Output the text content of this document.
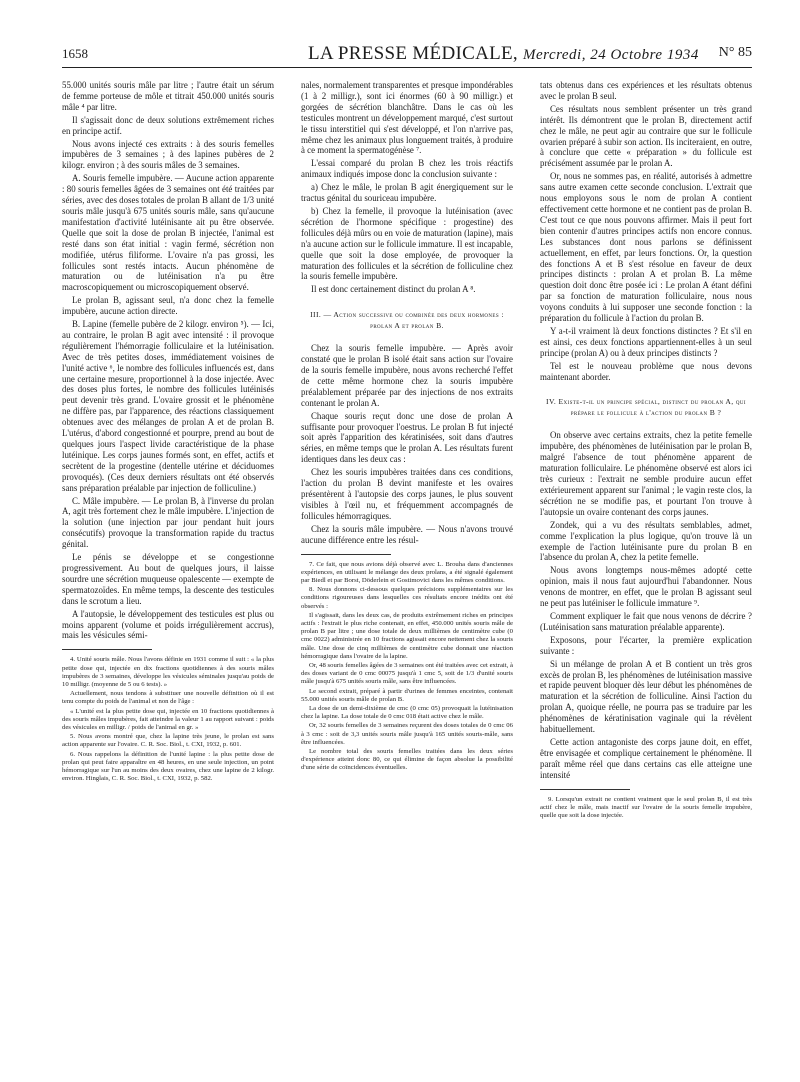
1658	LA PRESSE MÉDICALE, Mercredi, 24 Octobre 1934 N° 85

55.000 unités souris mâle par litre ; l'autre était un sérum de femme porteuse de môle et titrait 450.000 unités souris mâle ⁴ par litre.

Il s'agissait donc de deux solutions extrêmement riches en principe actif.

Nous avons injecté ces extraits : à des souris femelles impubères de 3 semaines ; à des lapines pubères de 2 kilogr. environ ; à des souris mâles de 3 semaines.

A. Souris femelle impubère. — Aucune action apparente : 80 souris femelles âgées de 3 semaines ont été traitées par séries, avec des doses totales de prolan B allant de 1/3 unité souris mâle jusqu'à 675 unités souris mâle, sans qu'aucune manifestation d'activité lutéinisante ait pu être observée. Quelle que soit la dose de prolan B injectée, l'animal est resté dans son état initial : vagin fermé, sécrétion non modifiée, utérus filiforme. L'ovaire n'a pas grossi, les follicules sont restés intacts. Aucun phénomène de maturation ou de lutéinisation n'a pu être macroscopiquement ou microscopiquement observé.

Le prolan B, agissant seul, n'a donc chez la femelle impubère, aucune action directe.

B. Lapine (femelle pubère de 2 kilogr. environ ⁵). — Ici, au contraire, le prolan B agit avec intensité : il provoque régulièrement l'hémorragie folliculaire et la lutéinisation. Avec de très petites doses, immédiatement voisines de l'unité active ⁶, le nombre des follicules influencés est, dans une certaine mesure, proportionnel à la dose injectée. Avec des doses plus fortes, le nombre des follicules lutéinisés peut devenir très grand. L'ovaire grossit et le phénomène ne diffère pas, par l'apparence, des réactions classiquement obtenues avec des mélanges de prolan A et de prolan B. L'utérus, d'abord congestionné et pourpre, prend au bout de quelques jours l'aspect livide caractéristique de la phase lutéinique. Les corps jaunes formés sont, en effet, actifs et secrètent de la progestine (dentelle utérine et déciduomes provoqués). (Ces deux derniers résultats ont été observés sans préparation préalable par injection de folliculine.)

C. Mâle impubère. — Le prolan B, à l'inverse du prolan A, agit très fortement chez le mâle impubère. L'injection de la solution (une injection par jour pendant huit jours consécutifs) provoque la transformation rapide du tractus génital.

Le pénis se développe et se congestionne progressivement. Au bout de quelques jours, il laisse sourdre une sécrétion muqueuse opalescente — exempte de spermatozoïdes. En même temps, la descente des testicules dans le scrotum a lieu.

A l'autopsie, le développement des testicules est plus ou moins apparent (volume et poids irrégulièrement accrus), mais les vésicules sémi-

4. Unité souris mâle. Nous l'avons définie en 1931 comme il suit : « la plus petite dose qui, injectée en dix fractions quotidiennes à des souris mâles impubères de 3 semaines, développe les vésicules séminales jusqu'au poids de 10 milligr. (moyenne de 5 ou 6 tests). »

Actuellement, nous tendons à substituer une nouvelle définition où il est tenu compte du poids de l'animal et non de l'âge :

« L'unité est la plus petite dose qui, injectée en 10 fractions quotidiennes à des souris mâles impubères, fait atteindre la valeur 1 au rapport suivant : poids des vésicules en milligr. / poids de l'animal en gr. »

5. Nous avons montré que, chez la lapine très jeune, le prolan est sans action apparente sur l'ovaire. C. R. Soc. Biol., t. CXI, 1932, p. 601.

6. Nous rappelons la définition de l'unité lapine : la plus petite dose de prolan qui peut faire apparaître en 48 heures, en une seule injection, un point hémorragique sur l'un au moins des deux ovaires, chez une lapine de 2 kilogr. environ. Hinglais, C. R. Soc. Biol., t. CXI, 1932, p. 582.

nales, normalement transparentes et presque impondérables (1 à 2 milligr.), sont ici énormes (60 à 90 milligr.) et gorgées de sécrétion blanchâtre. Dans le cas où les testicules montrent un développement marqué, c'est surtout le tissu interstitiel qui s'est développé, et l'on n'arrive pas, même chez les animaux plus longuement traités, à produire à ce moment la spermatogénèse ⁷.

L'essai comparé du prolan B chez les trois réactifs animaux indiqués impose donc la conclusion suivante :

a) Chez le mâle, le prolan B agit énergiquement sur le tractus génital du souriceau impubère.

b) Chez la femelle, il provoque la lutéinisation (avec sécrétion de l'hormone spécifique : progestine) des follicules déjà mûrs ou en voie de maturation (lapine), mais n'a aucune action sur le follicule immature. Il est incapable, quelle que soit la dose employée, de provoquer la maturation des follicules et la sécrétion de folliculine chez la souris femelle impubère.

Il est donc certainement distinct du prolan A ⁸.

III. — Action successive ou combinée des deux hormones : prolan A et prolan B.

Chez la souris femelle impubère. — Après avoir constaté que le prolan B isolé était sans action sur l'ovaire de la souris femelle impubère, nous avons recherché l'effet de cette même hormone chez la souris impubère préalablement préparée par des injections de nos extraits contenant le prolan A.

Chaque souris reçut donc une dose de prolan A suffisante pour provoquer l'oestrus. Le prolan B fut injecté soit après l'apparition des kératinisées, soit dans d'autres séries, en même temps que le prolan A. Les résultats furent identiques dans les deux cas :

Chez les souris impubères traitées dans ces conditions, l'action du prolan B devint manifeste et les ovaires présentèrent à l'autopsie des corps jaunes, le plus souvent visibles à l'œil nu, et fréquemment accompagnés de follicules hémorragiques.

Chez la souris mâle impubère. — Nous n'avons trouvé aucune différence entre les résul-

7. Ce fait, que nous avions déjà observé avec L. Brouha dans d'anciennes expériences, en utilisant le mélange des deux prolans, a été signalé également par Biedl et par Borst, Döderlein et Gostimovici dans les mêmes conditions.

8. Nous donnons ci-dessous quelques précisions supplémentaires sur les conditions rigoureuses dans lesquelles ces résultats encore inédits ont été observés :

Il s'agissait, dans les deux cas, de produits extrêmement riches en principes actifs : l'extrait le plus riche contenait, en effet, 450.000 unités souris mâle de prolan B par litre ; une dose totale de deux millièmes de centimètre cube (0 cmc 0022) administrée en 10 fractions agissait encore nettement chez la souris mâle. Une dose de cinq millièmes de centimètre cube donnait une réaction hémorragique dans l'ovaire de la lapine.

Or, 48 souris femelles âgées de 3 semaines ont été traitées avec cet extrait, à des doses variant de 0 cmc 00075 jusqu'à 1 cmc 5, soit de 1/3 d'unité souris mâle jusqu'à 675 unités souris mâle, sans être influencées.

Le second extrait, préparé à partir d'urines de femmes enceintes, contenait 55.000 unités souris mâle de prolan B.

La dose de un demi-dixième de cmc (0 cmc 05) provoquait la lutéinisation chez la lapine. La dose totale de 0 cmc 018 était active chez le mâle.

Or, 32 souris femelles de 3 semaines reçurent des doses totales de 0 cmc 06 à 3 cmc : soit de 3,3 unités souris mâle jusqu'à 165 unités souris-mâle, sans être influencées.

Le nombre total des souris femelles traitées dans les deux séries d'expérience atteint donc 80, ce qui élimine de façon absolue la possibilité d'une série de coïncidences éventuelles.

tats obtenus dans ces expériences et les résultats obtenus avec le prolan B seul.

Ces résultats nous semblent présenter un très grand intérêt. Ils démontrent que le prolan B, directement actif chez le mâle, ne peut agir au contraire que sur le follicule ovarien préparé à subir son action. Ils inciteraient, en outre, à conclure que cette « préparation » du follicule est précisément assumée par le prolan A.

Or, nous ne sommes pas, en réalité, autorisés à admettre sans autre examen cette seconde conclusion. L'extrait que nous employons sous le nom de prolan A contient effectivement cette hormone et ne contient pas de prolan B. C'est tout ce que nous pouvons affirmer. Mais il peut fort bien contenir d'autres principes actifs non encore connus. Les substances dont nous parlons se définissent actuellement, en effet, par leurs fonctions. Or, la question des fonctions A et B s'est résolue en faveur de deux principes distincts : prolan A et prolan B. La même question doit donc être posée ici : Le prolan A étant défini par sa fonction de maturation folliculaire, nous nous voyons conduits à lui supposer une seconde fonction : la préparation du follicule à l'action du prolan B.

Y a-t-il vraiment là deux fonctions distinctes ? Et s'il en est ainsi, ces deux fonctions appartiennent-elles à un seul principe (prolan A) ou à deux principes distincts ?

Tel est le nouveau problème que nous devons maintenant aborder.

IV. Existe-t-il un principe spécial, distinct du prolan A, qui prépare le follicule à l'action du prolan B ?

On observe avec certains extraits, chez la petite femelle impubère, des phénomènes de lutéinisation par le prolan B, malgré l'absence de tout phénomène apparent de maturation folliculaire. Le phénomène observé est alors ici très curieux : l'extrait ne semble produire aucun effet extérieurement apparent sur l'animal ; le vagin reste clos, la sécrétion ne se modifie pas, et pourtant l'on trouve à l'autopsie un ovaire contenant des corps jaunes.

Zondek, qui a vu des résultats semblables, admet, comme l'explication la plus logique, qu'on trouve là un exemple de l'action lutéinisante pure du prolan B en l'absence du prolan A, chez la petite femelle.

Nous avons longtemps nous-mêmes adopté cette opinion, mais il nous faut aujourd'hui l'abandonner. Nous venons de montrer, en effet, que le prolan B agissant seul ne peut pas lutéiniser le follicule immature ⁹.

Comment expliquer le fait que nous venons de décrire ? (Lutéinisation sans maturation préalable apparente).

Exposons, pour l'écarter, la première explication suivante :

Si un mélange de prolan A et B contient un très gros excès de prolan B, les phénomènes de lutéinisation massive et rapide peuvent bloquer dès leur début les phénomènes de maturation et la sécrétion de folliculine. Ainsi l'action du prolan A, quoique réelle, ne pourra pas se traduire par les phénomènes de kératinisation vaginale qui la révèlent habituellement.

Cette action antagoniste des corps jaune doit, en effet, être envisagée et complique certainement le phénomène. Il paraît même réel que dans certains cas elle atteigne une intensité

9. Lorsqu'un extrait ne contient vraiment que le seul prolan B, il est très actif chez le mâle, mais inactif sur l'ovaire de la souris femelle impubère, quelle que soit la dose injectée.
